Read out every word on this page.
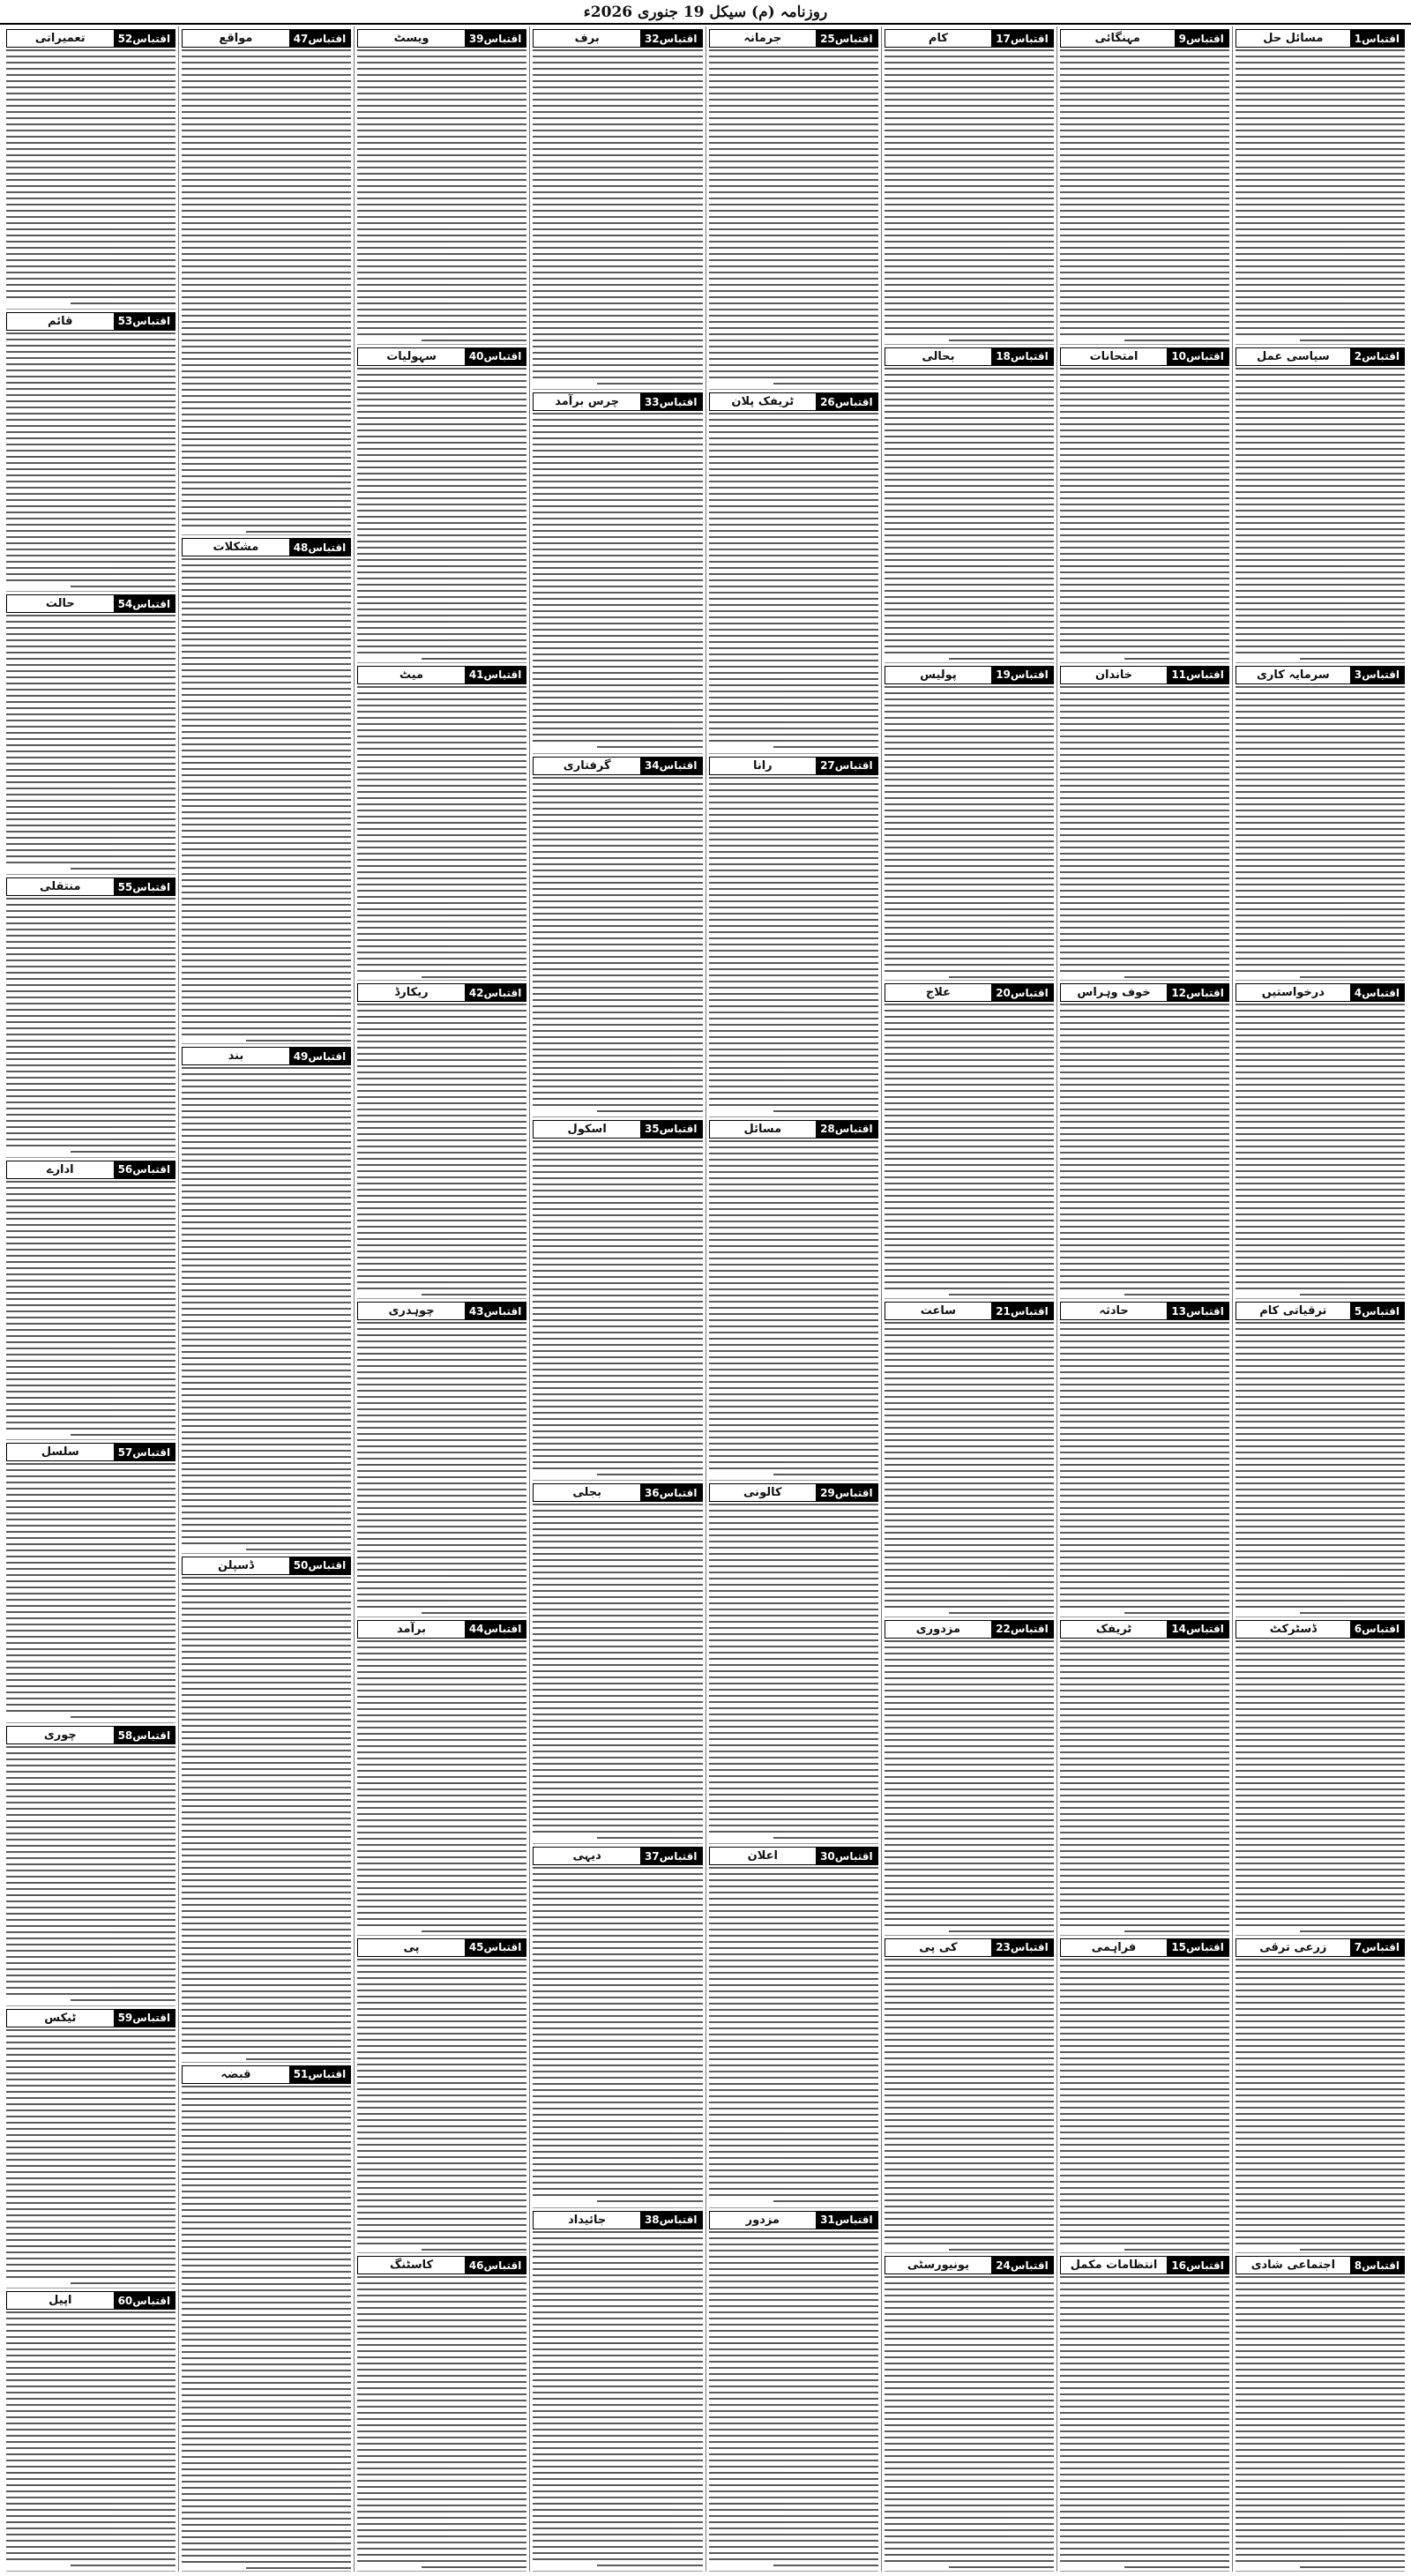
روزنامہ (م) سیکل 19 جنوری 2026ء
اقتباس1
مسائل حل
اقتباس2
سیاسی عمل
اقتباس3
سرمایہ کاری
اقتباس4
درخواستیں
اقتباس5
ترقیاتی کام
اقتباس6
ڈسٹرکٹ
اقتباس7
زرعی ترقی
اقتباس8
اجتماعی شادی
اقتباس9
مہنگائی
اقتباس10
امتحانات
اقتباس11
خاندان
اقتباس12
خوف وہراس
اقتباس13
حادثہ
اقتباس14
ٹریفک
اقتباس15
فراہمی
اقتباس16
انتظامات مکمل
اقتباس17
کام
اقتباس18
بحالی
اقتباس19
پولیس
اقتباس20
علاج
اقتباس21
ساعت
اقتباس22
مزدوری
اقتباس23
کی پی
اقتباس24
یونیورسٹی
اقتباس25
جرمانہ
اقتباس26
ٹریفک پلان
اقتباس27
رانا
اقتباس28
مسائل
اقتباس29
کالونی
اقتباس30
اعلان
اقتباس31
مزدور
اقتباس32
برف
اقتباس33
چرس برآمد
اقتباس34
گرفتاری
اقتباس35
اسکول
اقتباس36
بجلی
اقتباس37
دیہی
اقتباس38
جائیداد
اقتباس39
ویسٹ
اقتباس40
سہولیات
اقتباس41
میٹ
اقتباس42
ریکارڈ
اقتباس43
چوہدری
اقتباس44
برآمد
اقتباس45
پی
اقتباس46
کاسٹنگ
اقتباس47
مواقع
اقتباس48
مشکلات
اقتباس49
بند
اقتباس50
ڈسپلن
اقتباس51
قبضہ
اقتباس52
تعمیراتی
اقتباس53
قائم
اقتباس54
حالت
اقتباس55
منتقلی
اقتباس56
ادارے
اقتباس57
سلسل
اقتباس58
چوری
اقتباس59
ٹیکس
اقتباس60
اپیل
